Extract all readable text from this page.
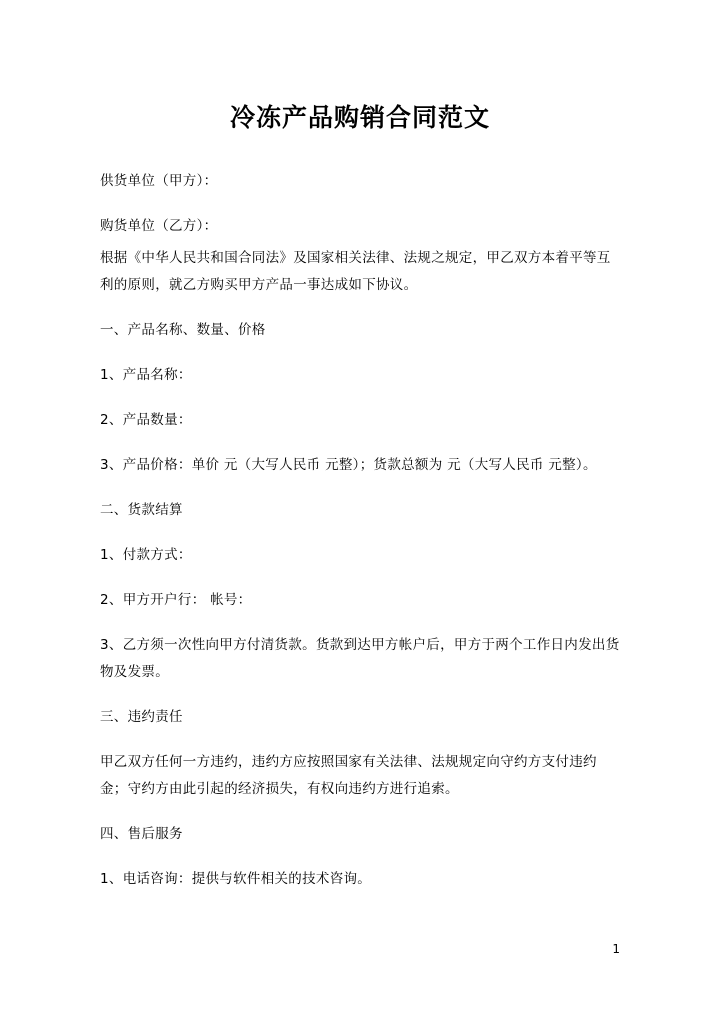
冷冻产品购销合同范文

供货单位（甲方）：

购货单位（乙方）：

根据《中华人民共和国合同法》及国家相关法律、法规之规定，甲乙双方本着平等互利的原则，就乙方购买甲方产品一事达成如下协议。

一、产品名称、数量、价格

1、产品名称：

2、产品数量：

3、产品价格：单价 元（大写人民币 元整）；货款总额为 元（大写人民币 元整）。

二、货款结算

1、付款方式：

2、甲方开户行： 帐号：

3、乙方须一次性向甲方付清货款。货款到达甲方帐户后，甲方于两个工作日内发出货物及发票。

三、违约责任

甲乙双方任何一方违约，违约方应按照国家有关法律、法规规定向守约方支付违约金；守约方由此引起的经济损失，有权向违约方进行追索。

四、售后服务

1、电话咨询：提供与软件相关的技术咨询。

1
